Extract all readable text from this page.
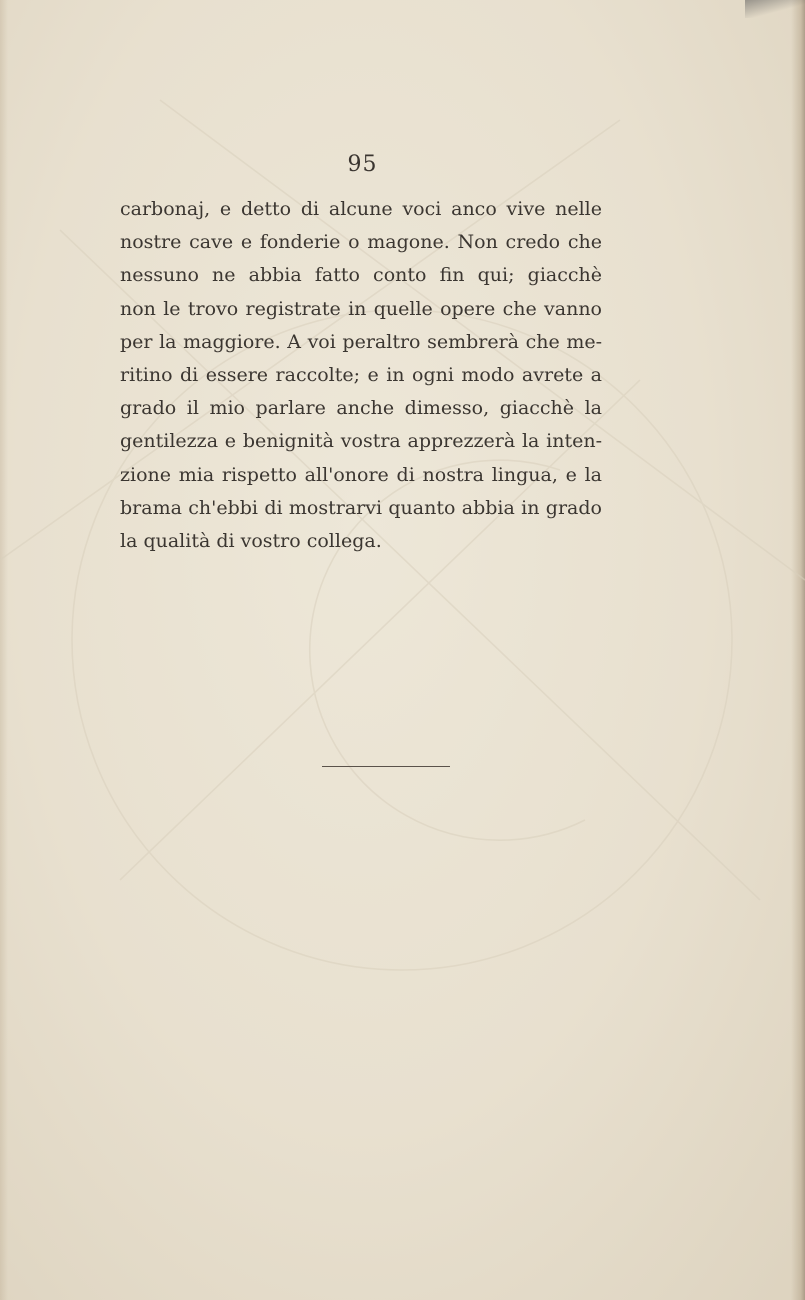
95
carbonaj, e detto di alcune voci anco vive nelle
nostre cave e fonderie o magone. Non credo che
nessuno ne abbia fatto conto fin qui; giacchè
non le trovo registrate in quelle opere che vanno
per la maggiore. A voi peraltro sembrerà che me-
ritino di essere raccolte; e in ogni modo avrete a
grado il mio parlare anche dimesso, giacchè la
gentilezza e benignità vostra apprezzerà la inten-
zione mia rispetto all'onore di nostra lingua, e la
brama ch'ebbi di mostrarvi quanto abbia in grado
la qualità di vostro collega.
